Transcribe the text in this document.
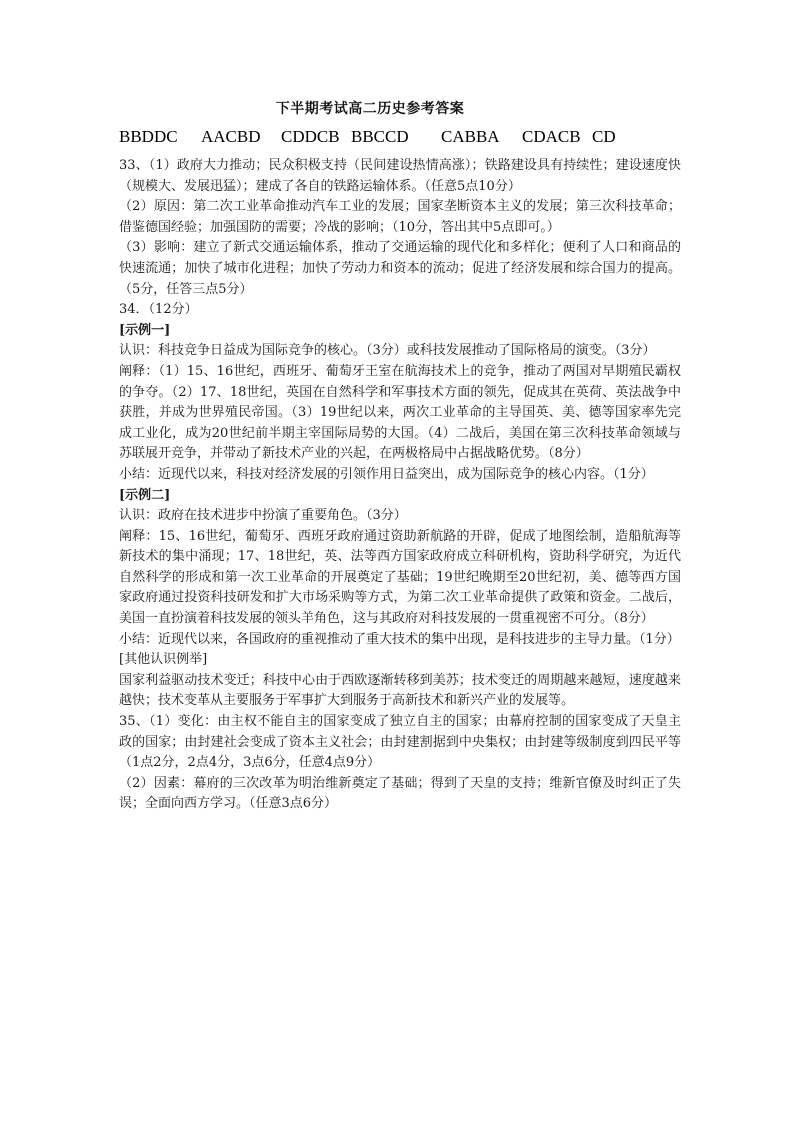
下半期考试高二历史参考答案
BBDDC AACBD CDDCB BBCCD CABBA CDACB CD

33、（1）政府大力推动；民众积极支持（民间建设热情高涨）；铁路建设具有持续性；建设速度快（规模大、发展迅猛）；建成了各自的铁路运输体系。（任意5点10分）

（2）原因：第二次工业革命推动汽车工业的发展；国家垄断资本主义的发展；第三次科技革命；借鉴德国经验；加强国防的需要；冷战的影响；（10分，答出其中5点即可。）

（3）影响：建立了新式交通运输体系，推动了交通运输的现代化和多样化；便利了人口和商品的快速流通；加快了城市化进程；加快了劳动力和资本的流动；促进了经济发展和综合国力的提高。（5分，任答三点5分）

34．（12分）

[示例一]

认识：科技竞争日益成为国际竞争的核心。（3分）或科技发展推动了国际格局的演变。（3分）

阐释：（1）15、16世纪，西班牙、葡萄牙王室在航海技术上的竞争，推动了两国对早期殖民霸权的争夺。（2）17、18世纪，英国在自然科学和军事技术方面的领先，促成其在英荷、英法战争中获胜，并成为世界殖民帝国。（3）19世纪以来，两次工业革命的主导国英、美、德等国家率先完成工业化，成为20世纪前半期主宰国际局势的大国。（4）二战后，美国在第三次科技革命领域与苏联展开竞争，并带动了新技术产业的兴起，在两极格局中占据战略优势。（8分）

小结：近现代以来，科技对经济发展的引领作用日益突出，成为国际竞争的核心内容。（1分）

[示例二]

认识：政府在技术进步中扮演了重要角色。（3分）

阐释：15、16世纪，葡萄牙、西班牙政府通过资助新航路的开辟，促成了地图绘制，造船航海等新技术的集中涌现；17、18世纪，英、法等西方国家政府成立科研机构，资助科学研究，为近代自然科学的形成和第一次工业革命的开展奠定了基础；19世纪晚期至20世纪初，美、德等西方国家政府通过投资科技研发和扩大市场采购等方式，为第二次工业革命提供了政策和资金。二战后，美国一直扮演着科技发展的领头羊角色，这与其政府对科技发展的一贯重视密不可分。（8分）

小结：近现代以来，各国政府的重视推动了重大技术的集中出现，是科技进步的主导力量。（1分）

[其他认识例举]

国家利益驱动技术变迁；科技中心由于西欧逐渐转移到美苏；技术变迁的周期越来越短，速度越来越快；技术变革从主要服务于军事扩大到服务于高新技术和新兴产业的发展等。

35、（1）变化：由主权不能自主的国家变成了独立自主的国家；由幕府控制的国家变成了天皇主政的国家；由封建社会变成了资本主义社会；由封建割据到中央集权；由封建等级制度到四民平等（1点2分，2点4分，3点6分，任意4点9分）

（2）因素：幕府的三次改革为明治维新奠定了基础；得到了天皇的支持；维新官僚及时纠正了失误；全面向西方学习。（任意3点6分）
